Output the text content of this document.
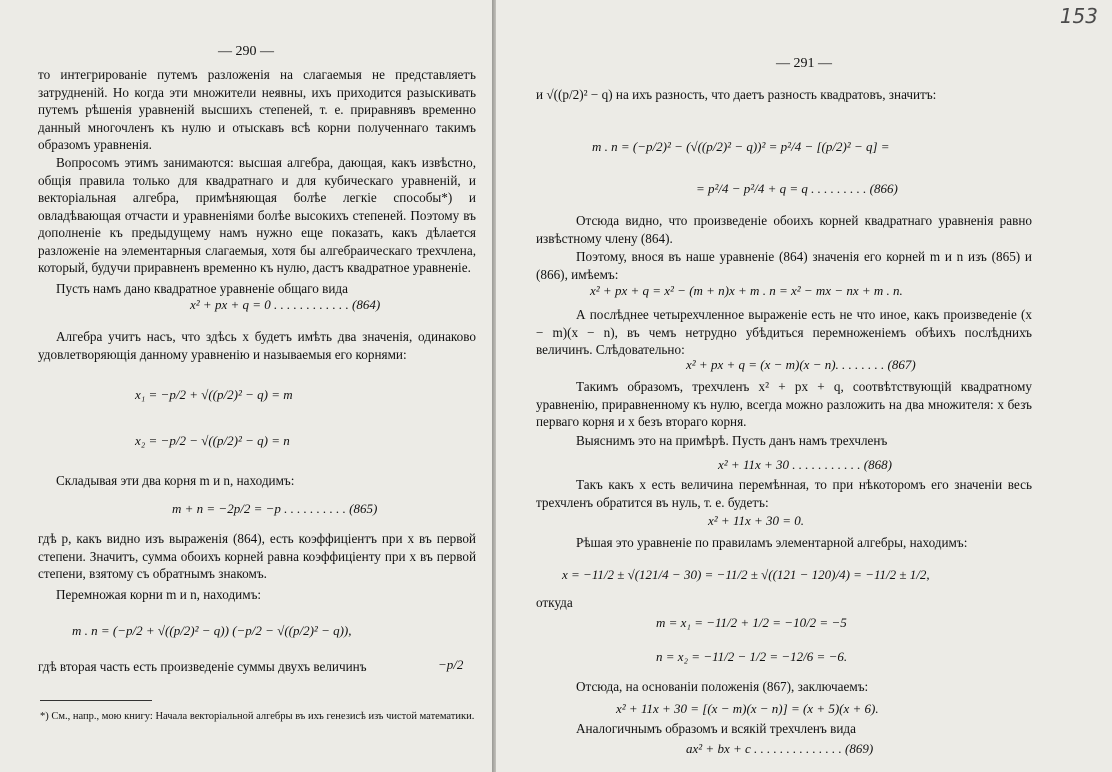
— 290 —

то интегрированіе путемъ разложенія на слагаемыя не представляетъ затрудненій. Но когда эти множители неявны, ихъ приходится разыскивать путемъ рѣшенія уравненій высшихъ степеней, т. е. приравнявъ временно данный многочленъ къ нулю и отыскавъ всѣ корни полученнаго такимъ образомъ уравненія.

Вопросомъ этимъ занимаются: высшая алгебра, дающая, какъ извѣстно, общія правила только для квадратнаго и для кубическаго уравненій, и векторіальная алгебра, примѣняющая болѣе легкіе способы*) и овладѣвающая отчасти и уравненіями болѣе высокихъ степеней. Поэтому въ дополненіе къ предыдущему намъ нужно еще показать, какъ дѣлается разложеніе на элементарныя слагаемыя, хотя бы алгебраическаго трехчлена, который, будучи приравненъ временно къ нулю, дастъ квадратное уравненіе.

Пусть намъ дано квадратное уравненіе общаго вида

x² + px + q = 0 . . . . . . . . . . . . (864)

Алгебра учитъ насъ, что здѣсь x будетъ имѣть два значенія, одинаково удовлетворяющія данному уравненію и называемыя его корнями:

x₁ = −p/2 + √((p/2)² − q) = m
x₂ = −p/2 − √((p/2)² − q) = n

Складывая эти два корня m и n, находимъ:

m + n = −2p/2 = −p . . . . . . . . . . (865)

гдѣ p, какъ видно изъ выраженія (864), есть коэффиціентъ при x въ первой степени. Значитъ, сумма обоихъ корней равна коэффиціенту при x въ первой степени, взятому съ обратнымъ знакомъ.

Перемножая корни m и n, находимъ:

m . n = (−p/2 + √((p/2)² − q)) (−p/2 − √((p/2)² − q)),

гдѣ вторая часть есть произведеніе суммы двухъ величинъ	−p/2

*) См., напр., мою книгу: Начала векторіальной алгебры въ ихъ генезисѣ изъ чистой математики.

153

— 291 —

и √((p/2)² − q) на ихъ разность, что даетъ разность квадратовъ, значитъ:

m . n = (−p/2)² − (√((p/2)² − q))² = p²/4 − [(p/2)² − q] =
= p²/4 − p²/4 + q = q . . . . . . . . . (866)

Отсюда видно, что произведеніе обоихъ корней квадратнаго уравненія равно извѣстному члену (864).

Поэтому, внося въ наше уравненіе (864) значенія его корней m и n изъ (865) и (866), имѣемъ:

x² + px + q = x² − (m + n)x + m . n = x² − mx − nx + m . n.

А послѣднее четырехчленное выраженіе есть не что иное, какъ произведеніе (x − m)(x − n), въ чемъ нетрудно убѣдиться перемноженіемъ обѣихъ послѣднихъ величинъ. Слѣдовательно:

x² + px + q = (x − m)(x − n). . . . . . . . (867)

Такимъ образомъ, трехчленъ x² + px + q, соотвѣтствующій квадратному уравненію, приравненному къ нулю, всегда можно разложить на два множителя: x безъ перваго корня и x безъ втораго корня.

Выяснимъ это на примѣрѣ. Пусть данъ намъ трехчленъ

x² + 11x + 30 . . . . . . . . . . . (868)

Такъ какъ x есть величина перемѣнная, то при нѣкоторомъ его значеніи весь трехчленъ обратится въ нуль, т. е. будетъ:

x² + 11x + 30 = 0.

Рѣшая это уравненіе по правиламъ элементарной алгебры, находимъ:

x = −11/2 ± √(121/4 − 30) = −11/2 ± √((121 − 120)/4) = −11/2 ± 1/2,

откуда

m = x₁ = −11/2 + 1/2 = −10/2 = −5
n = x₂ = −11/2 − 1/2 = −12/6 = −6.

Отсюда, на основаніи положенія (867), заключаемъ:

x² + 11x + 30 = [(x − m)(x − n)] = (x + 5)(x + 6).

Аналогичнымъ образомъ и всякій трехчленъ вида

ax² + bx + c . . . . . . . . . . . . . . (869)
